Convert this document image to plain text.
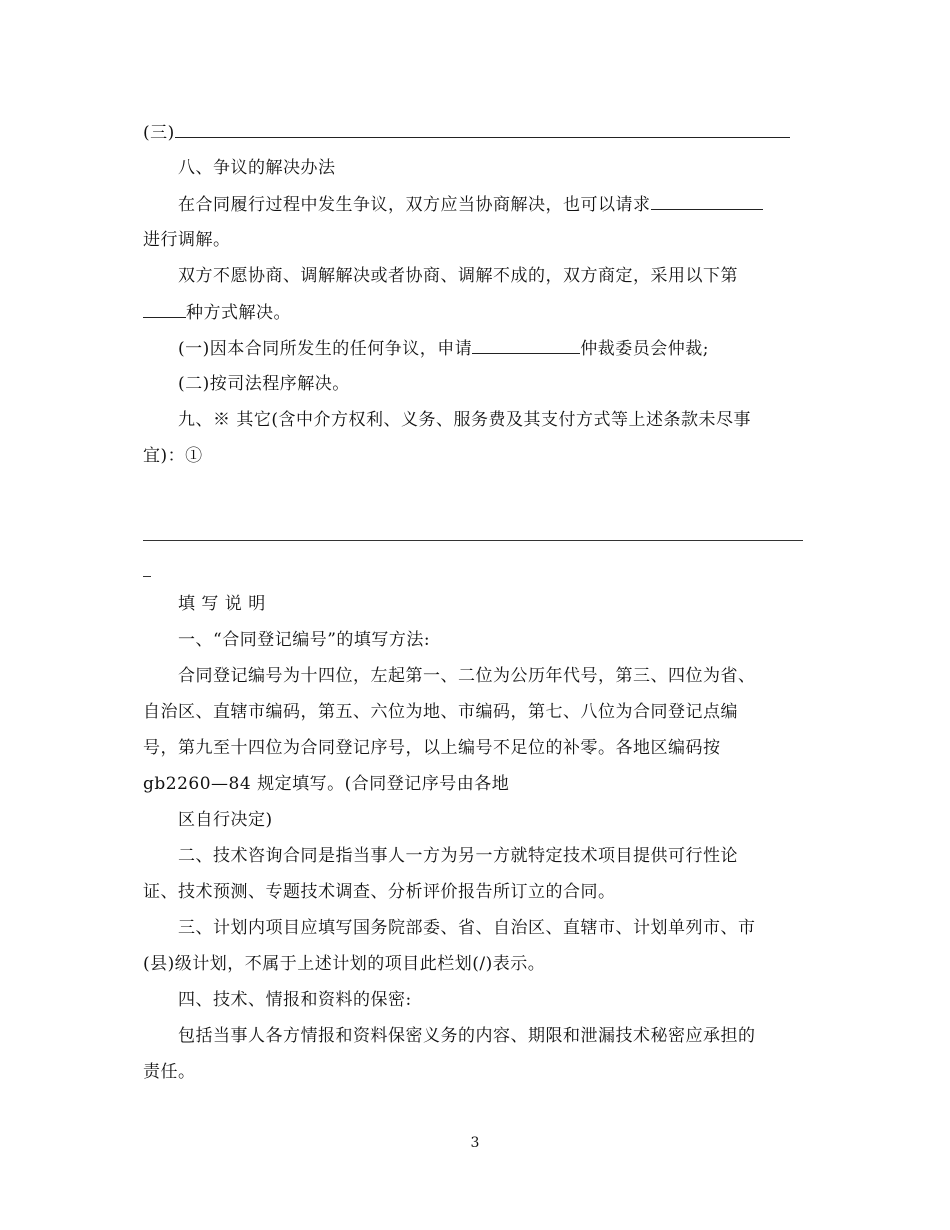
(三)
八、争议的解决办法
在合同履行过程中发生争议，双方应当协商解决，也可以请求
进行调解。
双方不愿协商、调解解决或者协商、调解不成的，双方商定，采用以下第
种方式解决。
(一)因本合同所发生的任何争议，申请	仲裁委员会仲裁;
(二)按司法程序解决。
九、※ 其它(含中介方权利、义务、服务费及其支付方式等上述条款未尽事
宜)：①
填 写 说 明
一、“合同登记编号”的填写方法:
合同登记编号为十四位，左起第一、二位为公历年代号，第三、四位为省、
自治区、直辖市编码，第五、六位为地、市编码，第七、八位为合同登记点编
号，第九至十四位为合同登记序号，以上编号不足位的补零。各地区编码按
gb2260—84 规定填写。(合同登记序号由各地
区自行决定)
二、技术咨询合同是指当事人一方为另一方就特定技术项目提供可行性论
证、技术预测、专题技术调查、分析评价报告所订立的合同。
三、计划内项目应填写国务院部委、省、自治区、直辖市、计划单列市、市
(县)级计划，不属于上述计划的项目此栏划(/)表示。
四、技术、情报和资料的保密:
包括当事人各方情报和资料保密义务的内容、期限和泄漏技术秘密应承担的
责任。
3
